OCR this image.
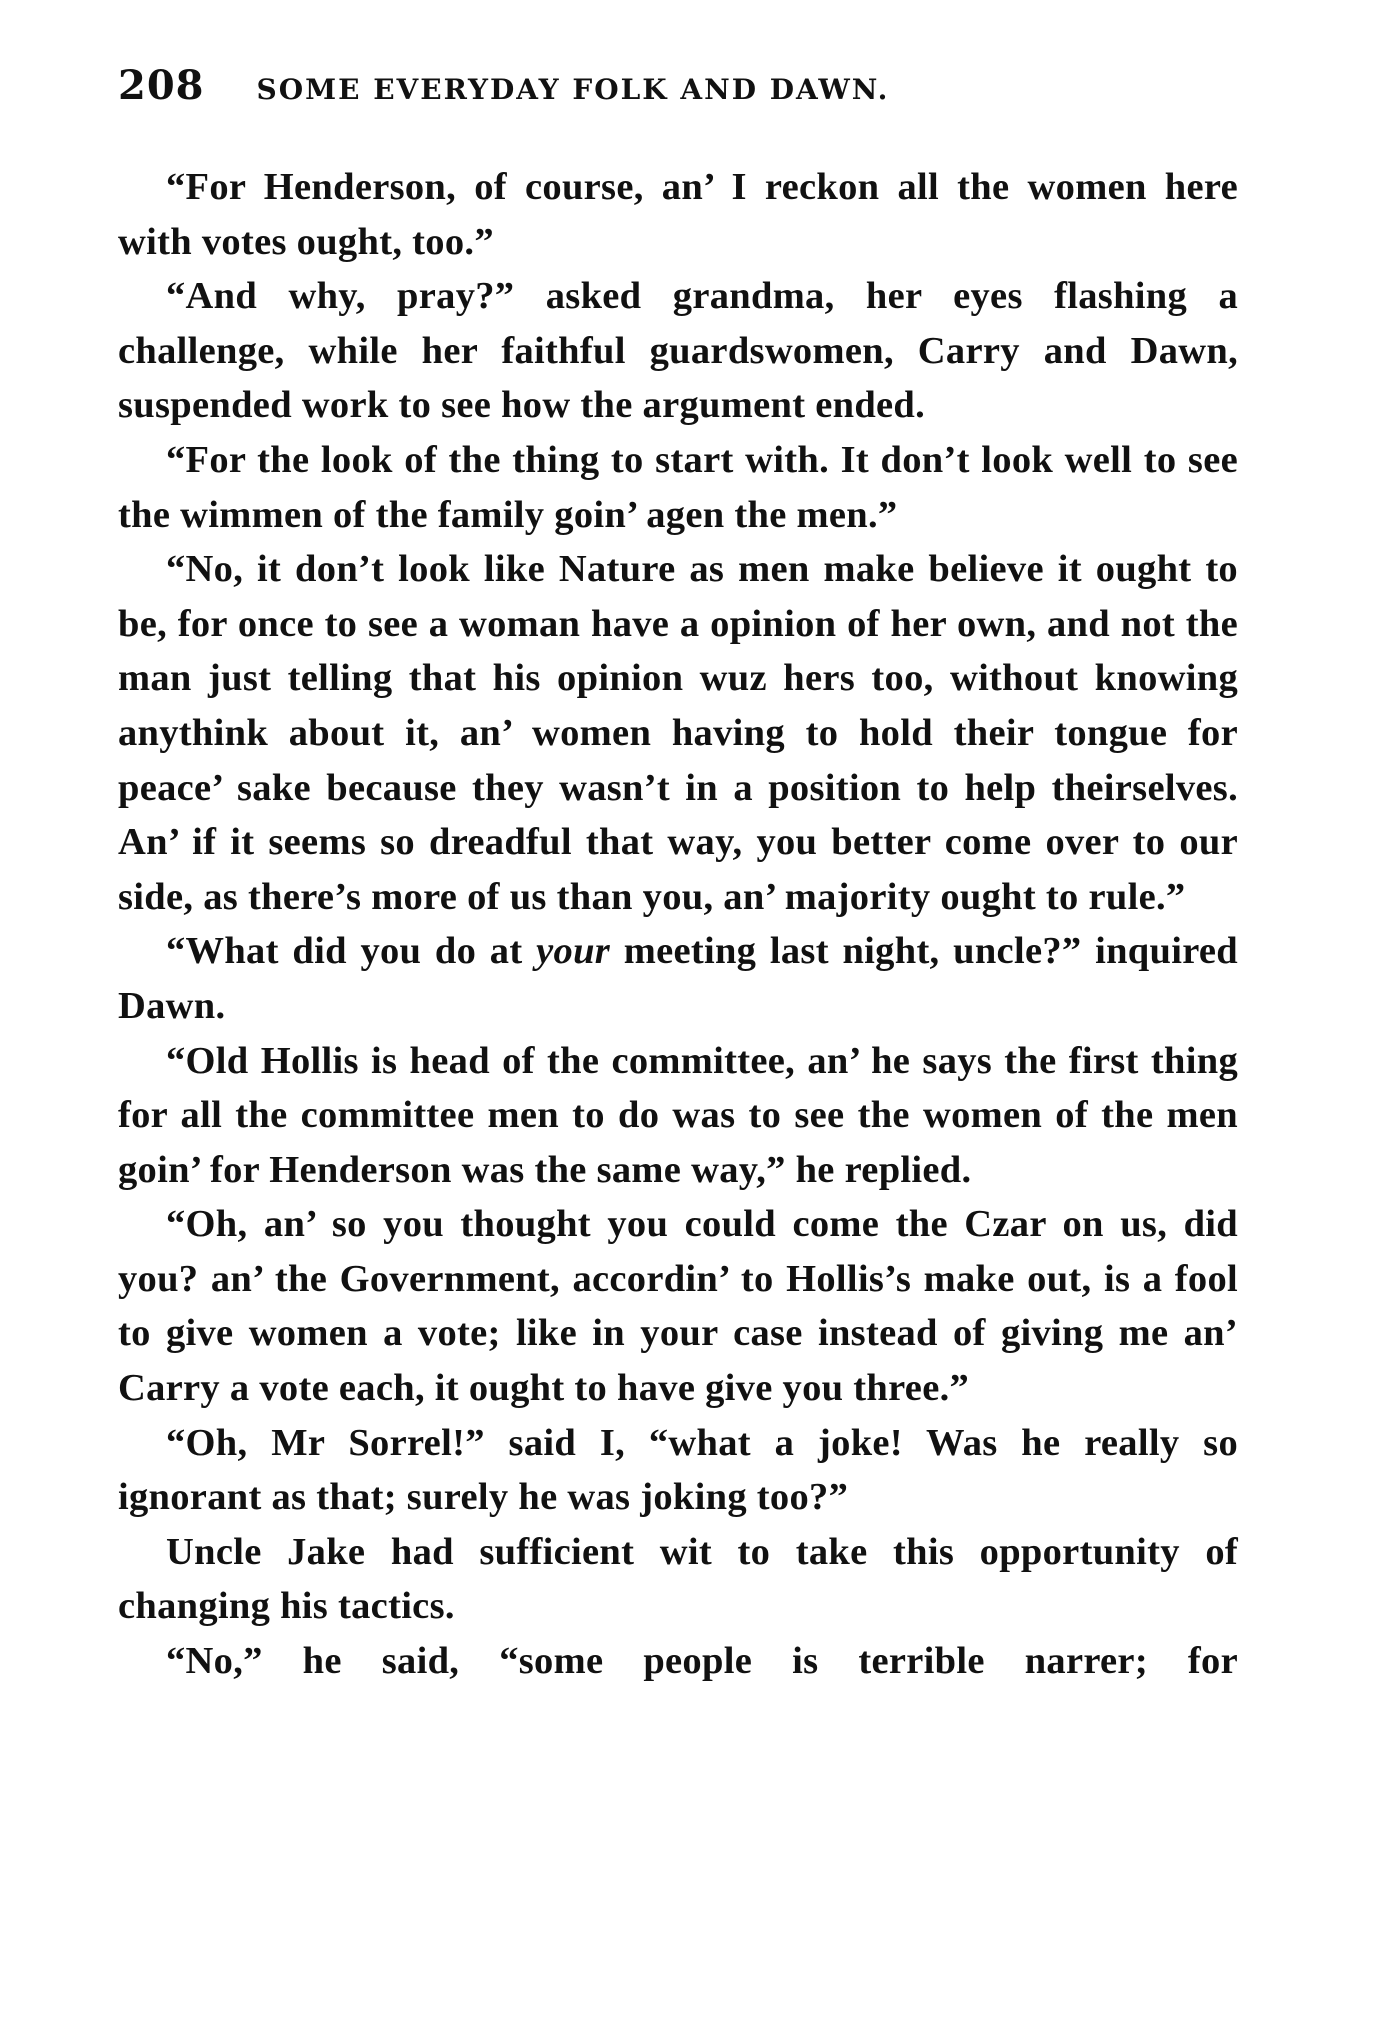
208 SOME EVERYDAY FOLK AND DAWN.

“For Henderson, of course, an’ I reckon all the women here with votes ought, too.”

“And why, pray?” asked grandma, her eyes flashing a challenge, while her faithful guardswomen, Carry and Dawn, suspended work to see how the argument ended.

“For the look of the thing to start with. It don’t look well to see the wimmen of the family goin’ agen the men.”

“No, it don’t look like Nature as men make believe it ought to be, for once to see a woman have a opinion of her own, and not the man just telling that his opinion wuz hers too, without knowing anythink about it, an’ women having to hold their tongue for peace’ sake because they wasn’t in a position to help theirselves. An’ if it seems so dreadful that way, you better come over to our side, as there’s more of us than you, an’ majority ought to rule.”

“What did you do at your meeting last night, uncle?” inquired Dawn.

“Old Hollis is head of the committee, an’ he says the first thing for all the committee men to do was to see the women of the men goin’ for Henderson was the same way,” he replied.

“Oh, an’ so you thought you could come the Czar on us, did you? an’ the Government, accordin’ to Hollis’s make out, is a fool to give women a vote; like in your case instead of giving me an’ Carry a vote each, it ought to have give you three.”

“Oh, Mr Sorrel!” said I, “what a joke! Was he really so ignorant as that; surely he was joking too?”

Uncle Jake had sufficient wit to take this opportunity of changing his tactics.

“No,” he said, “some people is terrible narrer; for
